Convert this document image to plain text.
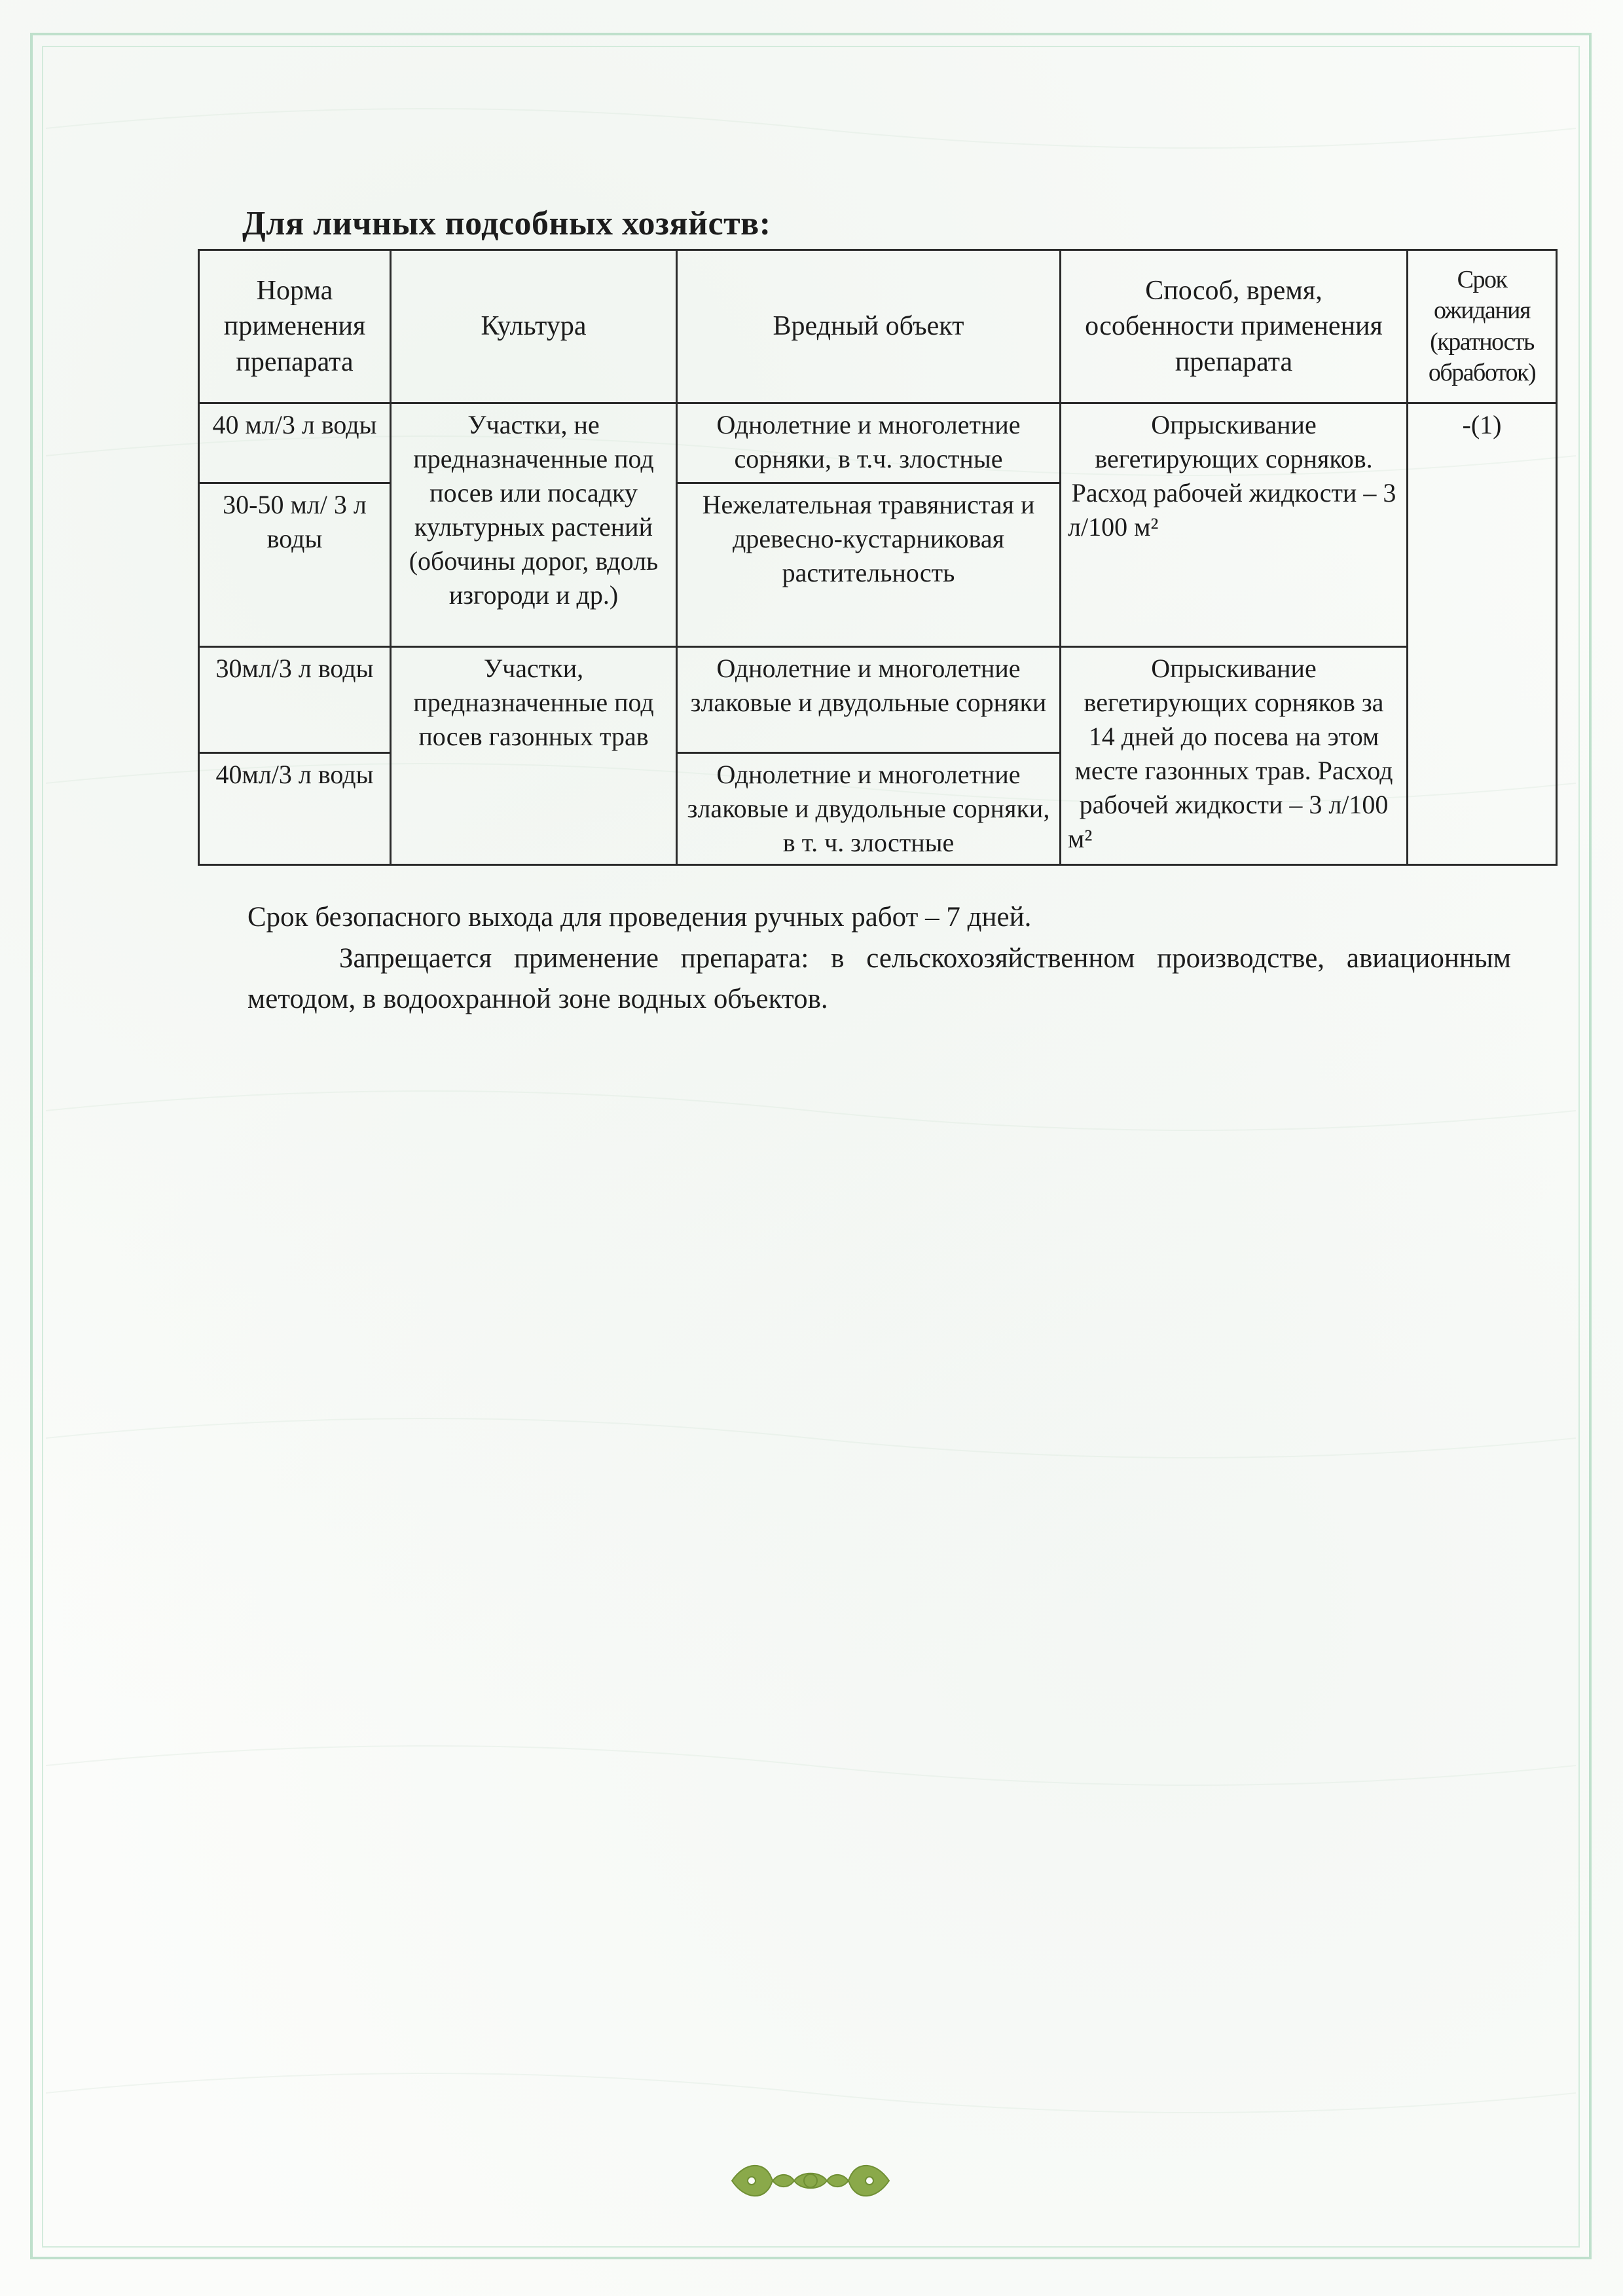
Для личных подсобных хозяйств:
Норма применения препарата	Культура	Вредный объект	Способ, время, особенности применения препарата	Срок ожидания (кратность обработок)
40 мл/3 л воды	Участки, не предназначенные под посев или посадку культурных растений (обочины дорог, вдоль изгороди и др.)	Однолетние и многолетние сорняки, в т.ч. злостные	Опрыскивание вегетирующих сорняков. Расход рабочей жидкости – 3 л/100 м²	-(1)
30-50 мл/ 3 л воды		Нежелательная травянистая и древесно-кустарниковая растительность		
30мл/3 л воды	Участки, предназначенные под посев газонных трав	Однолетние и многолетние злаковые и двудольные сорняки	Опрыскивание вегетирующих сорняков за 14 дней до посева на этом месте газонных трав. Расход рабочей жидкости – 3 л/100 м²	
40мл/3 л воды		Однолетние и многолетние злаковые и двудольные сорняки, в т. ч. злостные		
Срок безопасного выхода для проведения ручных работ – 7 дней.
Запрещается применение препарата: в сельскохозяйственном производстве, авиационным методом, в водоохранной зоне водных объектов.
